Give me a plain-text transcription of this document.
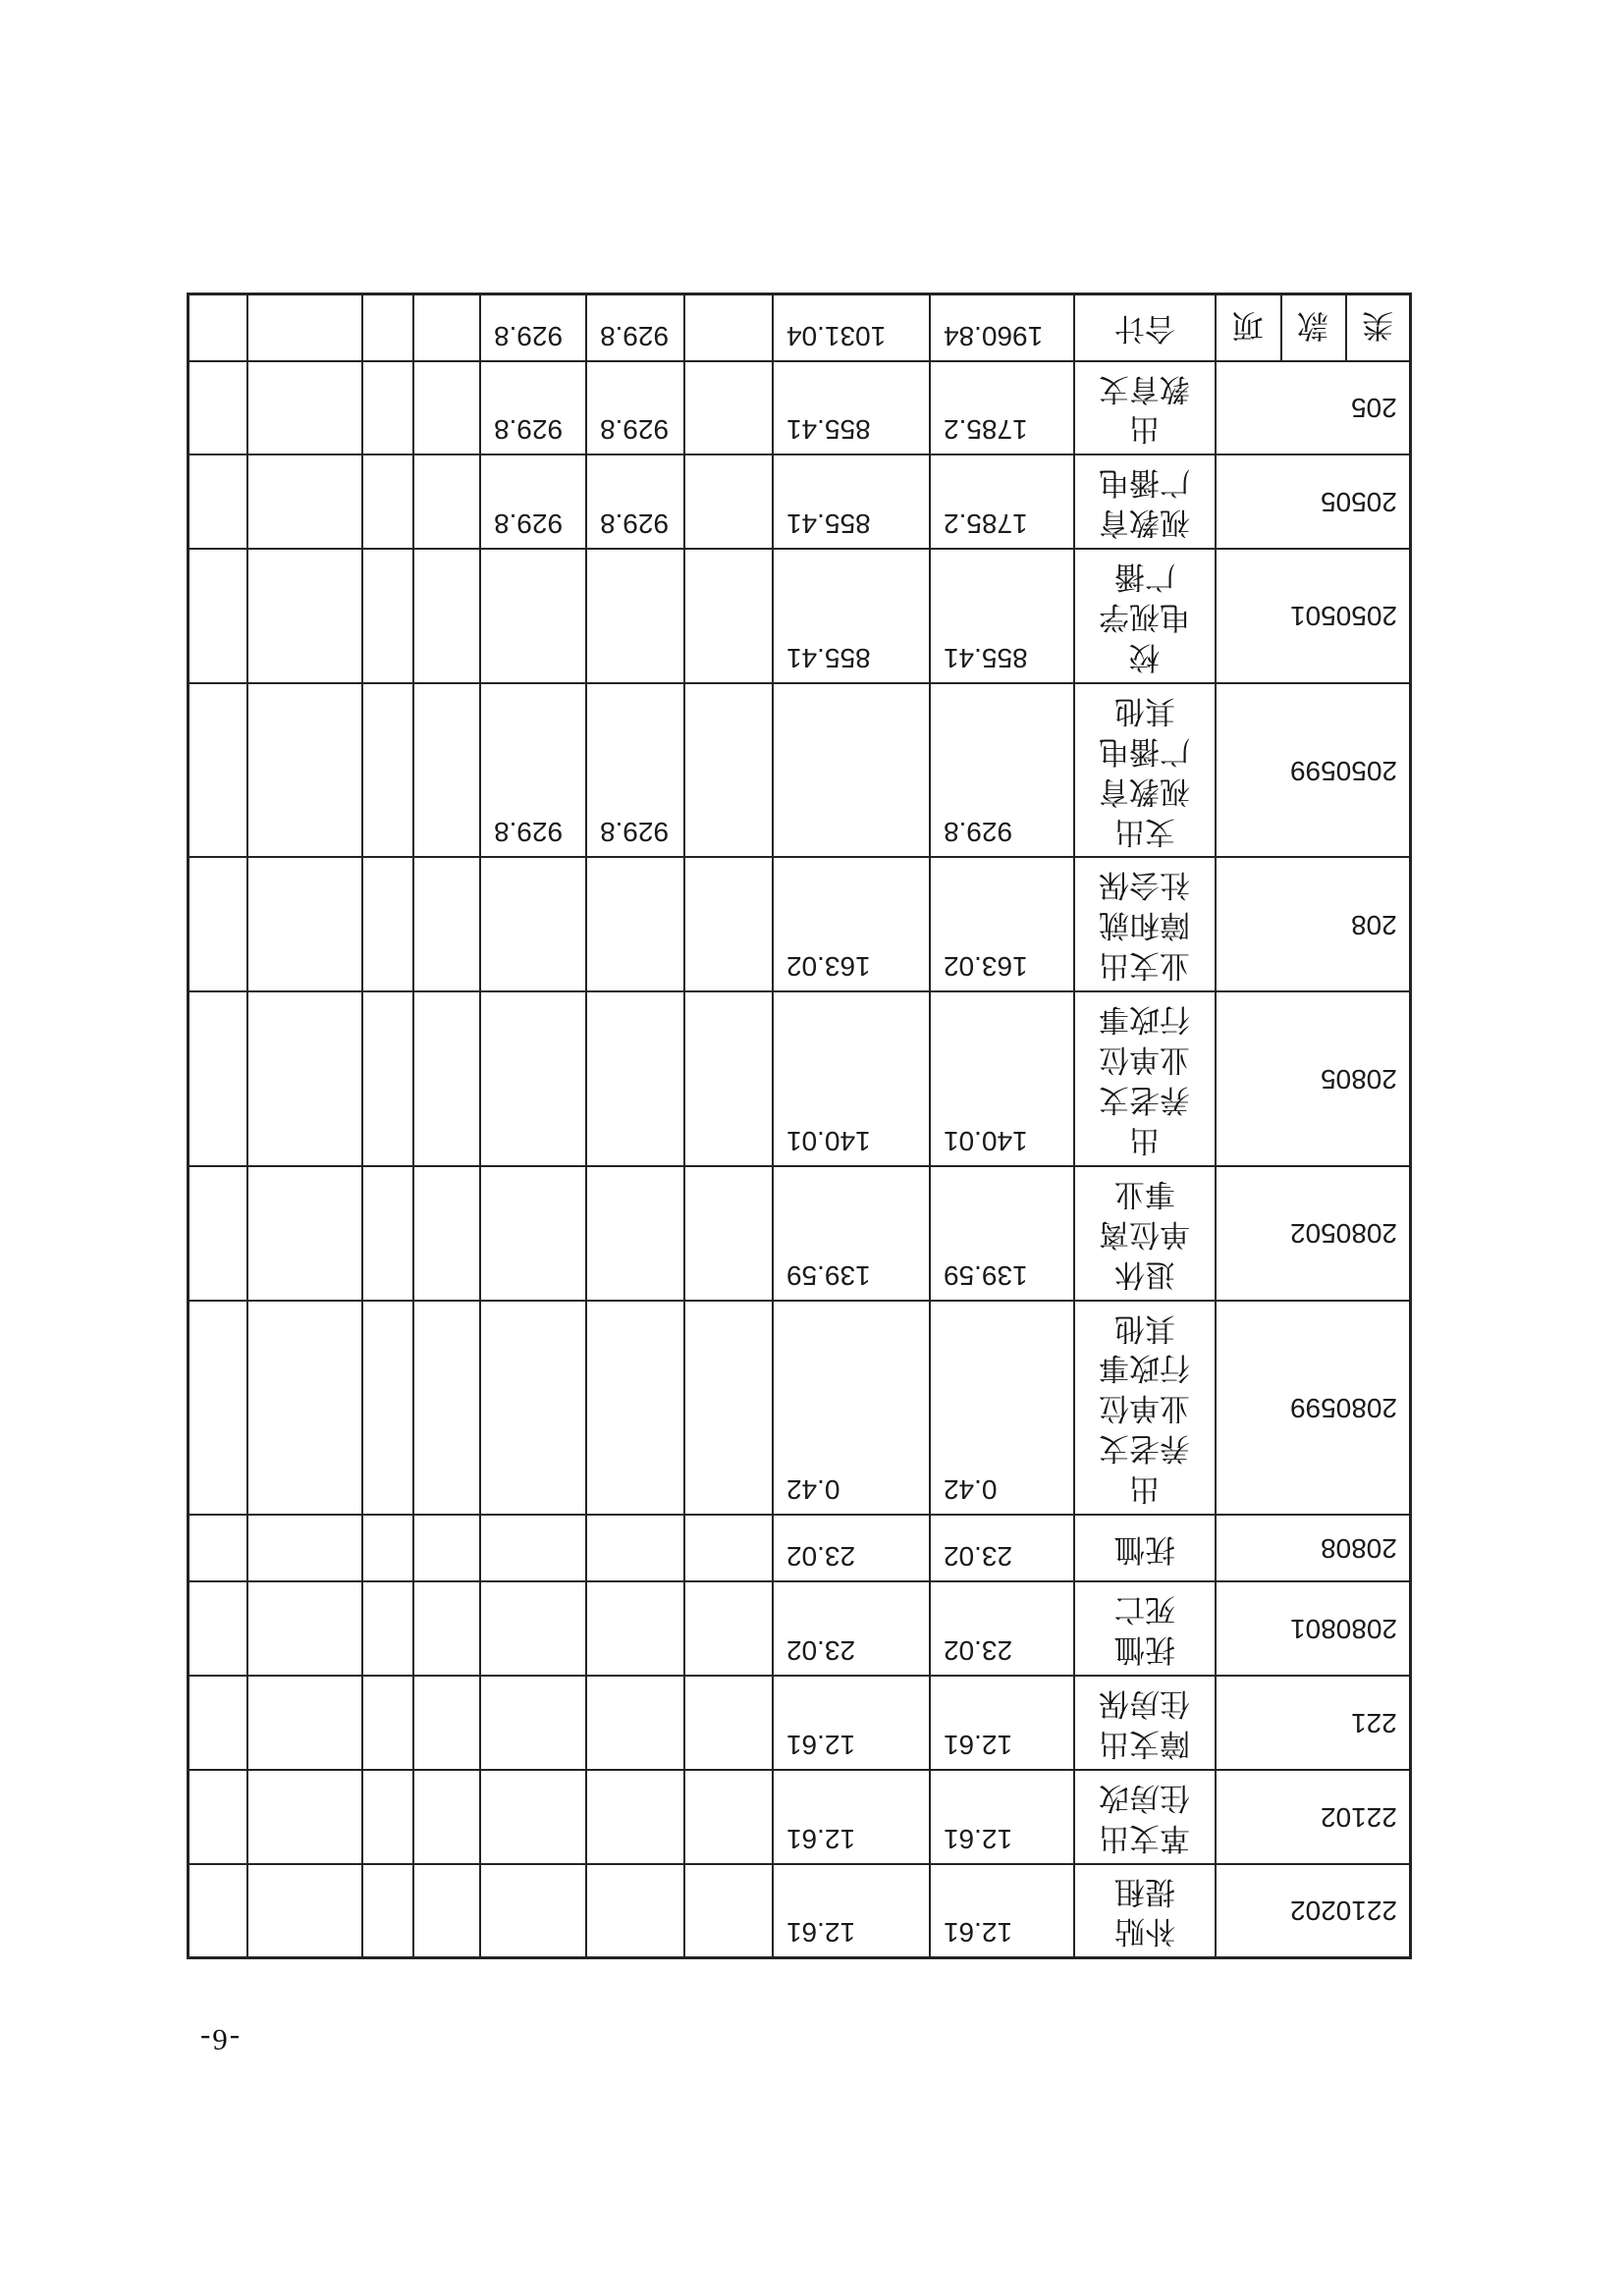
				929.8	929.8		1031.04	1960.84	合计	项	款	类
				929.8	929.8		855.41	1785.2	教育支
出	205		
				929.8	929.8		855.41	1785.2	广播电
视教育	20505		
							855.41	855.41	广播
电视学
校	2050501		
				929.8	929.8			929.8	其他
广播电
视教育
支出	2050599		
							163.02	163.02	社会保
障和就
业支出	208		
							140.01	140.01	行政事
业单位
养老支
出	20805		
							139.59	139.59	事业
单位离
退休	2080502		
							0.42	0.42	其他
行政事
业单位
养老支
出	2080599		
							23.02	23.02	抚恤	20808		
							23.02	23.02	死亡
抚恤	2080801		
							12.61	12.61	住房保
障支出	221		
							12.61	12.61	住房改
革支出	22102		
							12.61	12.61	提租
补贴	2210202		
-6-
